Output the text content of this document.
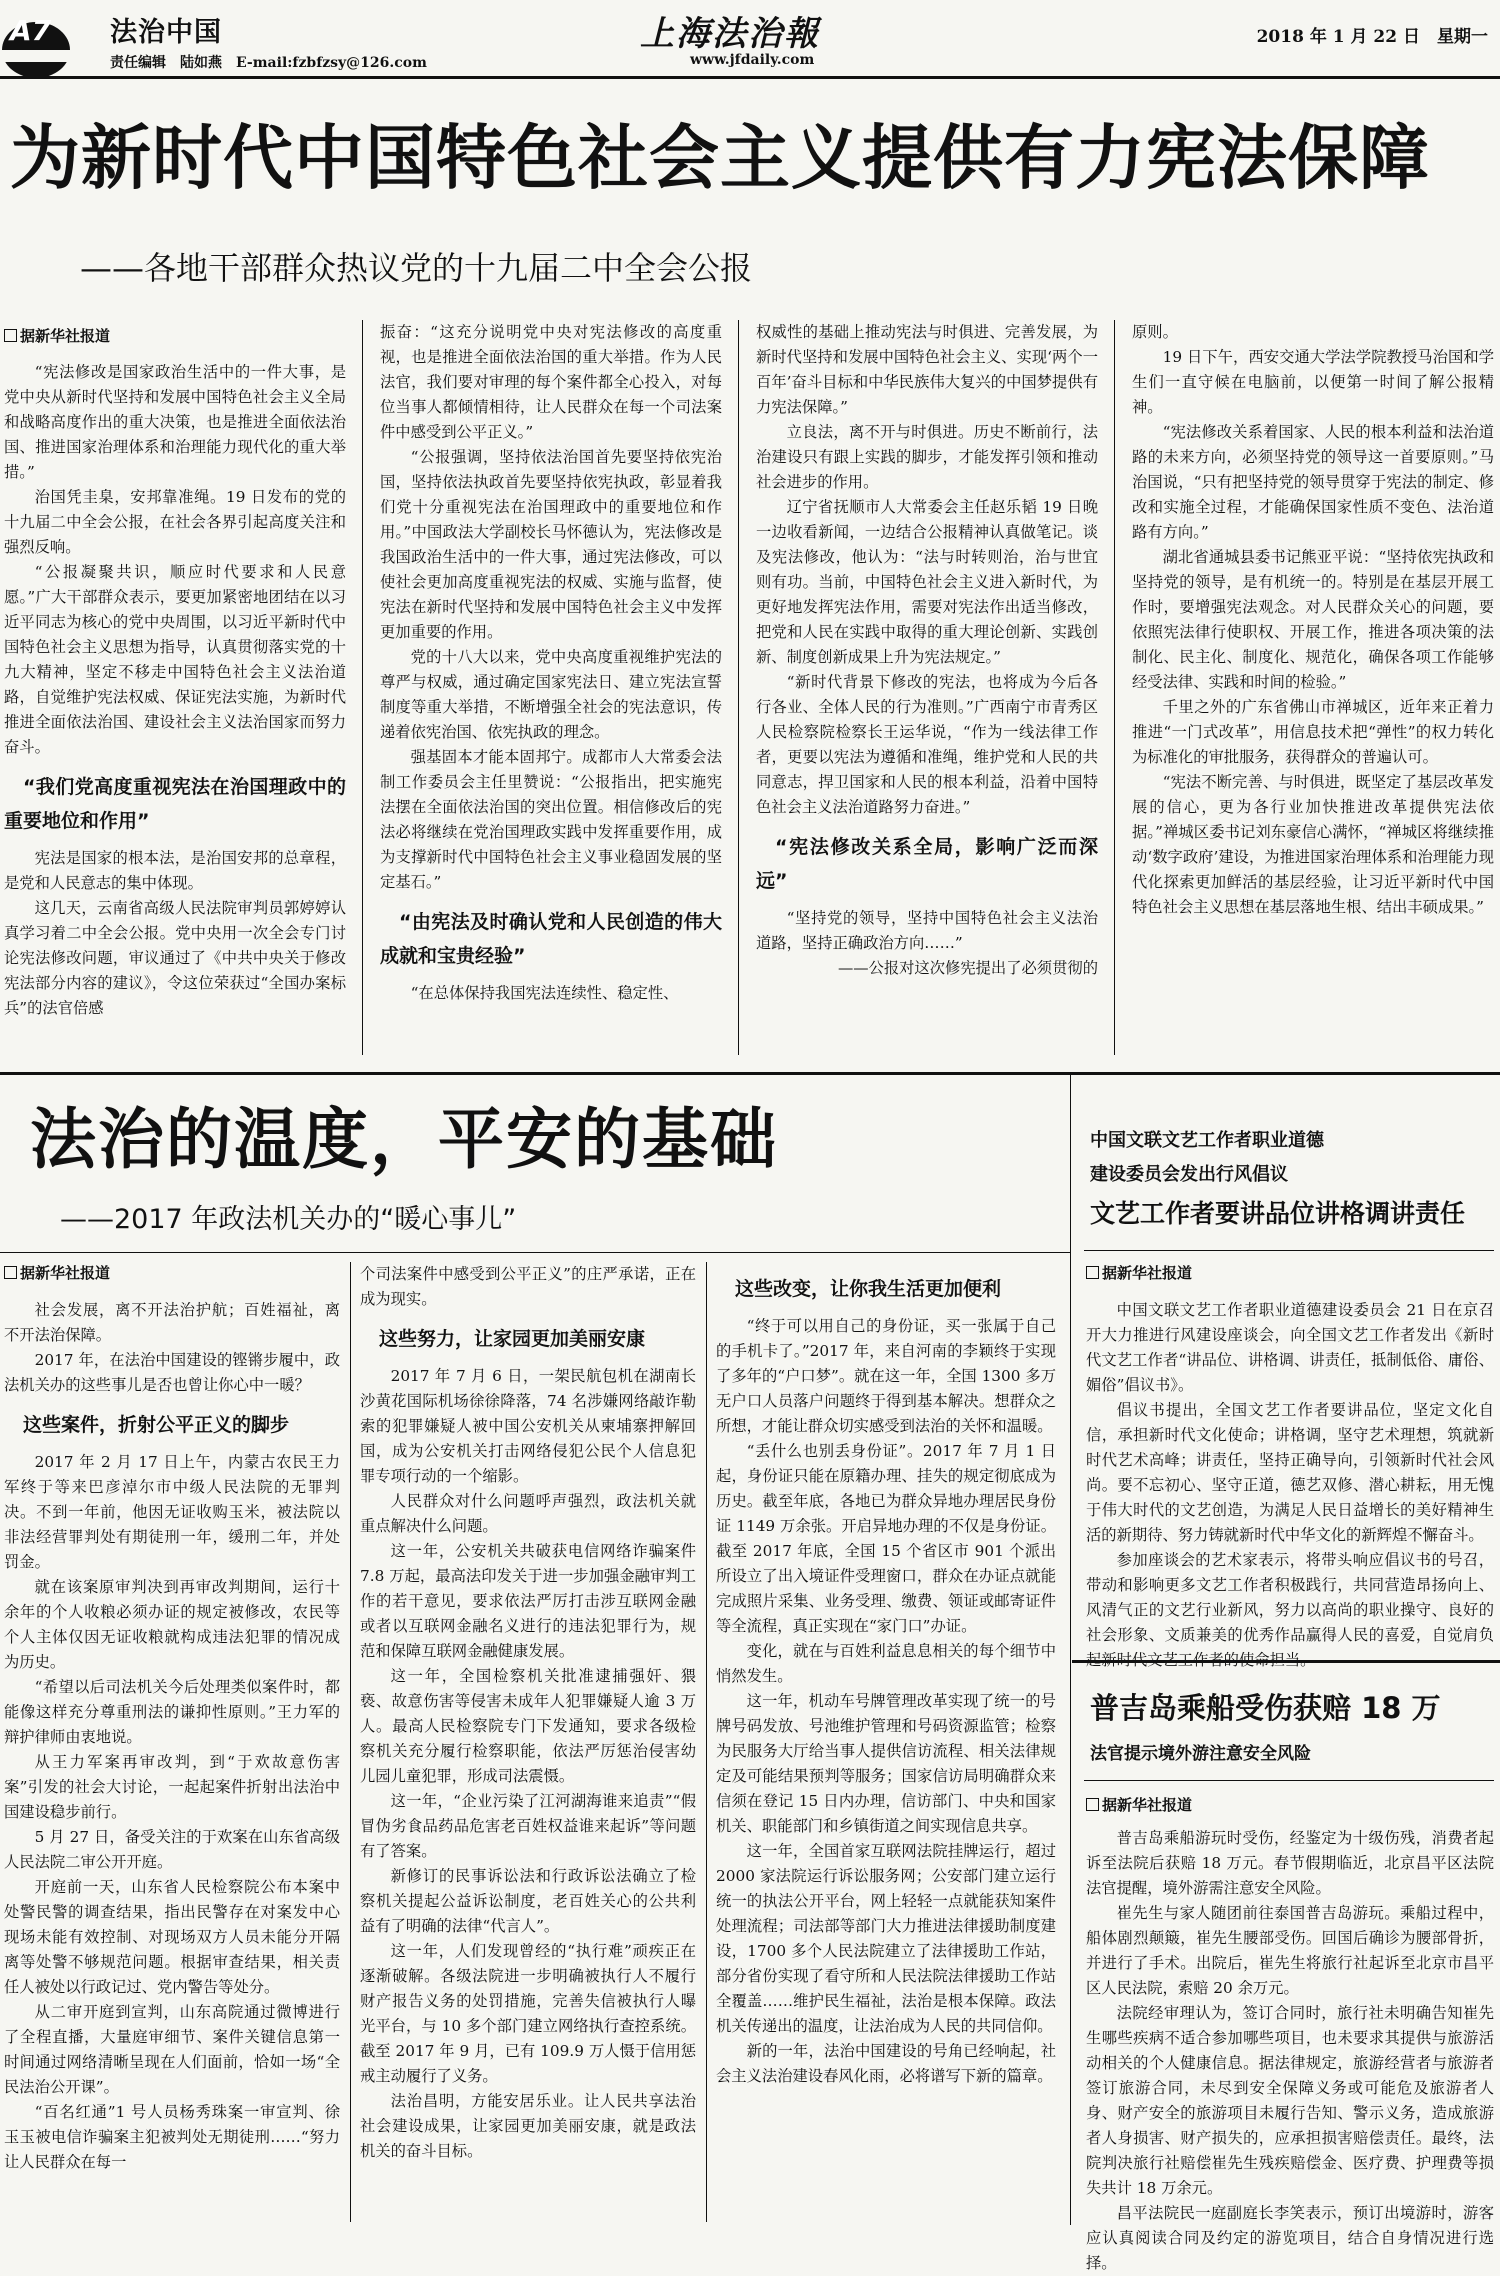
A7 法治中国
责任编辑　陆如燕　E-mail:fzbfzsy@126.com
上海法治報
www.jfdaily.com
2018 年 1 月 22 日　星期一
为新时代中国特色社会主义提供有力宪法保障
——各地干部群众热议党的十九届二中全会公报
据新华社报道

“宪法修改是国家政治生活中的一件大事，是党中央从新时代坚持和发展中国特色社会主义全局和战略高度作出的重大决策，也是推进全面依法治国、推进国家治理体系和治理能力现代化的重大举措。”

治国凭圭臬，安邦靠准绳。19 日发布的党的十九届二中全会公报，在社会各界引起高度关注和强烈反响。

“公报凝聚共识，顺应时代要求和人民意愿。”广大干部群众表示，要更加紧密地团结在以习近平同志为核心的党中央周围，以习近平新时代中国特色社会主义思想为指导，认真贯彻落实党的十九大精神，坚定不移走中国特色社会主义法治道路，自觉维护宪法权威、保证宪法实施，为新时代推进全面依法治国、建设社会主义法治国家而努力奋斗。

“我们党高度重视宪法在治国理政中的重要地位和作用”

宪法是国家的根本法，是治国安邦的总章程，是党和人民意志的集中体现。

这几天，云南省高级人民法院审判员郭婷婷认真学习着二中全会公报。党中央用一次全会专门讨论宪法修改问题，审议通过了《中共中央关于修改宪法部分内容的建议》，令这位荣获过“全国办案标兵”的法官倍感

振奋：“这充分说明党中央对宪法修改的高度重视，也是推进全面依法治国的重大举措。作为人民法官，我们要对审理的每个案件都全心投入，对每位当事人都倾情相待，让人民群众在每一个司法案件中感受到公平正义。”

“公报强调，坚持依法治国首先要坚持依宪治国，坚持依法执政首先要坚持依宪执政，彰显着我们党十分重视宪法在治国理政中的重要地位和作用。”中国政法大学副校长马怀德认为，宪法修改是我国政治生活中的一件大事，通过宪法修改，可以使社会更加高度重视宪法的权威、实施与监督，使宪法在新时代坚持和发展中国特色社会主义中发挥更加重要的作用。

党的十八大以来，党中央高度重视维护宪法的尊严与权威，通过确定国家宪法日、建立宪法宣誓制度等重大举措，不断增强全社会的宪法意识，传递着依宪治国、依宪执政的理念。

强基固本才能本固邦宁。成都市人大常委会法制工作委员会主任里赞说：“公报指出，把实施宪法摆在全面依法治国的突出位置。相信修改后的宪法必将继续在党治国理政实践中发挥重要作用，成为支撑新时代中国特色社会主义事业稳固发展的坚定基石。”

“由宪法及时确认党和人民创造的伟大成就和宝贵经验”

“在总体保持我国宪法连续性、稳定性、

权威性的基础上推动宪法与时俱进、完善发展，为新时代坚持和发展中国特色社会主义、实现‘两个一百年’奋斗目标和中华民族伟大复兴的中国梦提供有力宪法保障。”

立良法，离不开与时俱进。历史不断前行，法治建设只有跟上实践的脚步，才能发挥引领和推动社会进步的作用。

辽宁省抚顺市人大常委会主任赵乐韬 19 日晚一边收看新闻，一边结合公报精神认真做笔记。谈及宪法修改，他认为：“法与时转则治，治与世宜则有功。当前，中国特色社会主义进入新时代，为更好地发挥宪法作用，需要对宪法作出适当修改，把党和人民在实践中取得的重大理论创新、实践创新、制度创新成果上升为宪法规定。”

“新时代背景下修改的宪法，也将成为今后各行各业、全体人民的行为准则。”广西南宁市青秀区人民检察院检察长王运华说，“作为一线法律工作者，更要以宪法为遵循和准绳，维护党和人民的共同意志，捍卫国家和人民的根本利益，沿着中国特色社会主义法治道路努力奋进。”

“宪法修改关系全局，影响广泛而深远”

“坚持党的领导，坚持中国特色社会主义法治道路，坚持正确政治方向……”

——公报对这次修宪提出了必须贯彻的

原则。

19 日下午，西安交通大学法学院教授马治国和学生们一直守候在电脑前，以便第一时间了解公报精神。

“宪法修改关系着国家、人民的根本利益和法治道路的未来方向，必须坚持党的领导这一首要原则。”马治国说，“只有把坚持党的领导贯穿于宪法的制定、修改和实施全过程，才能确保国家性质不变色、法治道路有方向。”

湖北省通城县委书记熊亚平说：“坚持依宪执政和坚持党的领导，是有机统一的。特别是在基层开展工作时，要增强宪法观念。对人民群众关心的问题，要依照宪法律行使职权、开展工作，推进各项决策的法制化、民主化、制度化、规范化，确保各项工作能够经受法律、实践和时间的检验。”

千里之外的广东省佛山市禅城区，近年来正着力推进“一门式改革”，用信息技术把“弹性”的权力转化为标准化的审批服务，获得群众的普遍认可。

“宪法不断完善、与时俱进，既坚定了基层改革发展的信心，更为各行业加快推进改革提供宪法依据。”禅城区委书记刘东豪信心满怀，“禅城区将继续推动‘数字政府’建设，为推进国家治理体系和治理能力现代化探索更加鲜活的基层经验，让习近平新时代中国特色社会主义思想在基层落地生根、结出丰硕成果。”

法治的温度，平安的基础
——2017 年政法机关办的“暖心事儿”
据新华社报道

社会发展，离不开法治护航；百姓福祉，离不开法治保障。

2017 年，在法治中国建设的铿锵步履中，政法机关办的这些事儿是否也曾让你心中一暖？

这些案件，折射公平正义的脚步

2017 年 2 月 17 日上午，内蒙古农民王力军终于等来巴彦淖尔市中级人民法院的无罪判决。不到一年前，他因无证收购玉米，被法院以非法经营罪判处有期徒刑一年，缓刑二年，并处罚金。

就在该案原审判决到再审改判期间，运行十余年的个人收粮必须办证的规定被修改，农民等个人主体仅因无证收粮就构成违法犯罪的情况成为历史。

“希望以后司法机关今后处理类似案件时，都能像这样充分尊重刑法的谦抑性原则。”王力军的辩护律师由衷地说。

从王力军案再审改判，到“于欢故意伤害案”引发的社会大讨论，一起起案件折射出法治中国建设稳步前行。

5 月 27 日，备受关注的于欢案在山东省高级人民法院二审公开开庭。

开庭前一天，山东省人民检察院公布本案中处警民警的调查结果，指出民警存在对案发中心现场未能有效控制、对现场双方人员未能分开隔离等处警不够规范问题。根据审查结果，相关责任人被处以行政记过、党内警告等处分。

从二审开庭到宣判，山东高院通过微博进行了全程直播，大量庭审细节、案件关键信息第一时间通过网络清晰呈现在人们面前，恰如一场“全民法治公开课”。

“百名红通”1 号人员杨秀珠案一审宣判、徐玉玉被电信诈骗案主犯被判处无期徒刑……“努力让人民群众在每一

个司法案件中感受到公平正义”的庄严承诺，正在成为现实。

这些努力，让家园更加美丽安康

2017 年 7 月 6 日，一架民航包机在湖南长沙黄花国际机场徐徐降落，74 名涉嫌网络敲诈勒索的犯罪嫌疑人被中国公安机关从柬埔寨押解回国，成为公安机关打击网络侵犯公民个人信息犯罪专项行动的一个缩影。

人民群众对什么问题呼声强烈，政法机关就重点解决什么问题。

这一年，公安机关共破获电信网络诈骗案件 7.8 万起，最高法印发关于进一步加强金融审判工作的若干意见，要求依法严厉打击涉互联网金融或者以互联网金融名义进行的违法犯罪行为，规范和保障互联网金融健康发展。

这一年，全国检察机关批准逮捕强奸、猥亵、故意伤害等侵害未成年人犯罪嫌疑人逾 3 万人。最高人民检察院专门下发通知，要求各级检察机关充分履行检察职能，依法严厉惩治侵害幼儿园儿童犯罪，形成司法震慑。

这一年，“企业污染了江河湖海谁来追责”“假冒伪劣食品药品危害老百姓权益谁来起诉”等问题有了答案。

新修订的民事诉讼法和行政诉讼法确立了检察机关提起公益诉讼制度，老百姓关心的公共利益有了明确的法律“代言人”。

这一年，人们发现曾经的“执行难”顽疾正在逐渐破解。各级法院进一步明确被执行人不履行财产报告义务的处罚措施，完善失信被执行人曝光平台，与 10 多个部门建立网络执行查控系统。截至 2017 年 9 月，已有 109.9 万人慑于信用惩戒主动履行了义务。

法治昌明，方能安居乐业。让人民共享法治社会建设成果，让家园更加美丽安康，就是政法机关的奋斗目标。

这些改变，让你我生活更加便利

“终于可以用自己的身份证，买一张属于自己的手机卡了。”2017 年，来自河南的李颖终于实现了多年的“户口梦”。就在这一年，全国 1300 多万无户口人员落户问题终于得到基本解决。想群众之所想，才能让群众切实感受到法治的关怀和温暖。

“丢什么也别丢身份证”。2017 年 7 月 1 日起，身份证只能在原籍办理、挂失的规定彻底成为历史。截至年底，各地已为群众异地办理居民身份证 1149 万余张。开启异地办理的不仅是身份证。截至 2017 年底，全国 15 个省区市 901 个派出所设立了出入境证件受理窗口，群众在办证点就能完成照片采集、业务受理、缴费、领证或邮寄证件等全流程，真正实现在“家门口”办证。

变化，就在与百姓利益息息相关的每个细节中悄然发生。

这一年，机动车号牌管理改革实现了统一的号牌号码发放、号池维护管理和号码资源监管；检察为民服务大厅给当事人提供信访流程、相关法律规定及可能结果预判等服务；国家信访局明确群众来信须在登记 15 日内办理，信访部门、中央和国家机关、职能部门和乡镇街道之间实现信息共享。

这一年，全国首家互联网法院挂牌运行，超过 2000 家法院运行诉讼服务网；公安部门建立运行统一的执法公开平台，网上轻轻一点就能获知案件处理流程；司法部等部门大力推进法律援助制度建设，1700 多个人民法院建立了法律援助工作站，部分省份实现了看守所和人民法院法律援助工作站全覆盖……维护民生福祉，法治是根本保障。政法机关传递出的温度，让法治成为人民的共同信仰。

新的一年，法治中国建设的号角已经响起，社会主义法治建设春风化雨，必将谱写下新的篇章。

中国文联文艺工作者职业道德
建设委员会发出行风倡议
文艺工作者要讲品位讲格调讲责任
据新华社报道

中国文联文艺工作者职业道德建设委员会 21 日在京召开大力推进行风建设座谈会，向全国文艺工作者发出《新时代文艺工作者“讲品位、讲格调、讲责任，抵制低俗、庸俗、媚俗”倡议书》。

倡议书提出，全国文艺工作者要讲品位，坚定文化自信，承担新时代文化使命；讲格调，坚守艺术理想，筑就新时代艺术高峰；讲责任，坚持正确导向，引领新时代社会风尚。要不忘初心、坚守正道，德艺双修、潜心耕耘，用无愧于伟大时代的文艺创造，为满足人民日益增长的美好精神生活的新期待、努力铸就新时代中华文化的新辉煌不懈奋斗。

参加座谈会的艺术家表示，将带头响应倡议书的号召，带动和影响更多文艺工作者积极践行，共同营造昂扬向上、风清气正的文艺行业新风，努力以高尚的职业操守、良好的社会形象、文质兼美的优秀作品赢得人民的喜爱，自觉肩负

普吉岛乘船受伤获赔 18 万
法官提示境外游注意安全风险
据新华社报道

普吉岛乘船游玩时受伤，经鉴定为十级伤残，消费者起诉至法院后获赔 18 万元。春节假期临近，北京昌平区法院法官提醒，境外游需注意安全风险。

崔先生与家人随团前往泰国普吉岛游玩。乘船过程中，船体剧烈颠簸，崔先生腰部受伤。回国后确诊为腰部骨折，并进行了手术。出院后，崔先生将旅行社起诉至北京市昌平区人民法院，索赔 20 余万元。

法院经审理认为，签订合同时，旅行社未明确告知崔先生哪些疾病不适合参加哪些项目，也未要求其提供与旅游活动相关的个人健康信息。据法律规定，旅游经营者与旅游者签订旅游合同，未尽到安全保障义务或可能危及旅游者人身、财产安全的旅游项目未履行告知、警示义务，造成旅游者人身损害、财产损失的，应承担损害赔偿责任。最终，法院判决旅行社赔偿崔先生残疾赔偿金、医疗费、护理费等损失共计 18 万余元。

昌平法院民一庭副庭长李笑表示，预订出境游时，游客应认真阅读合同及约定的游览项目，结合自身情况进行选择。
